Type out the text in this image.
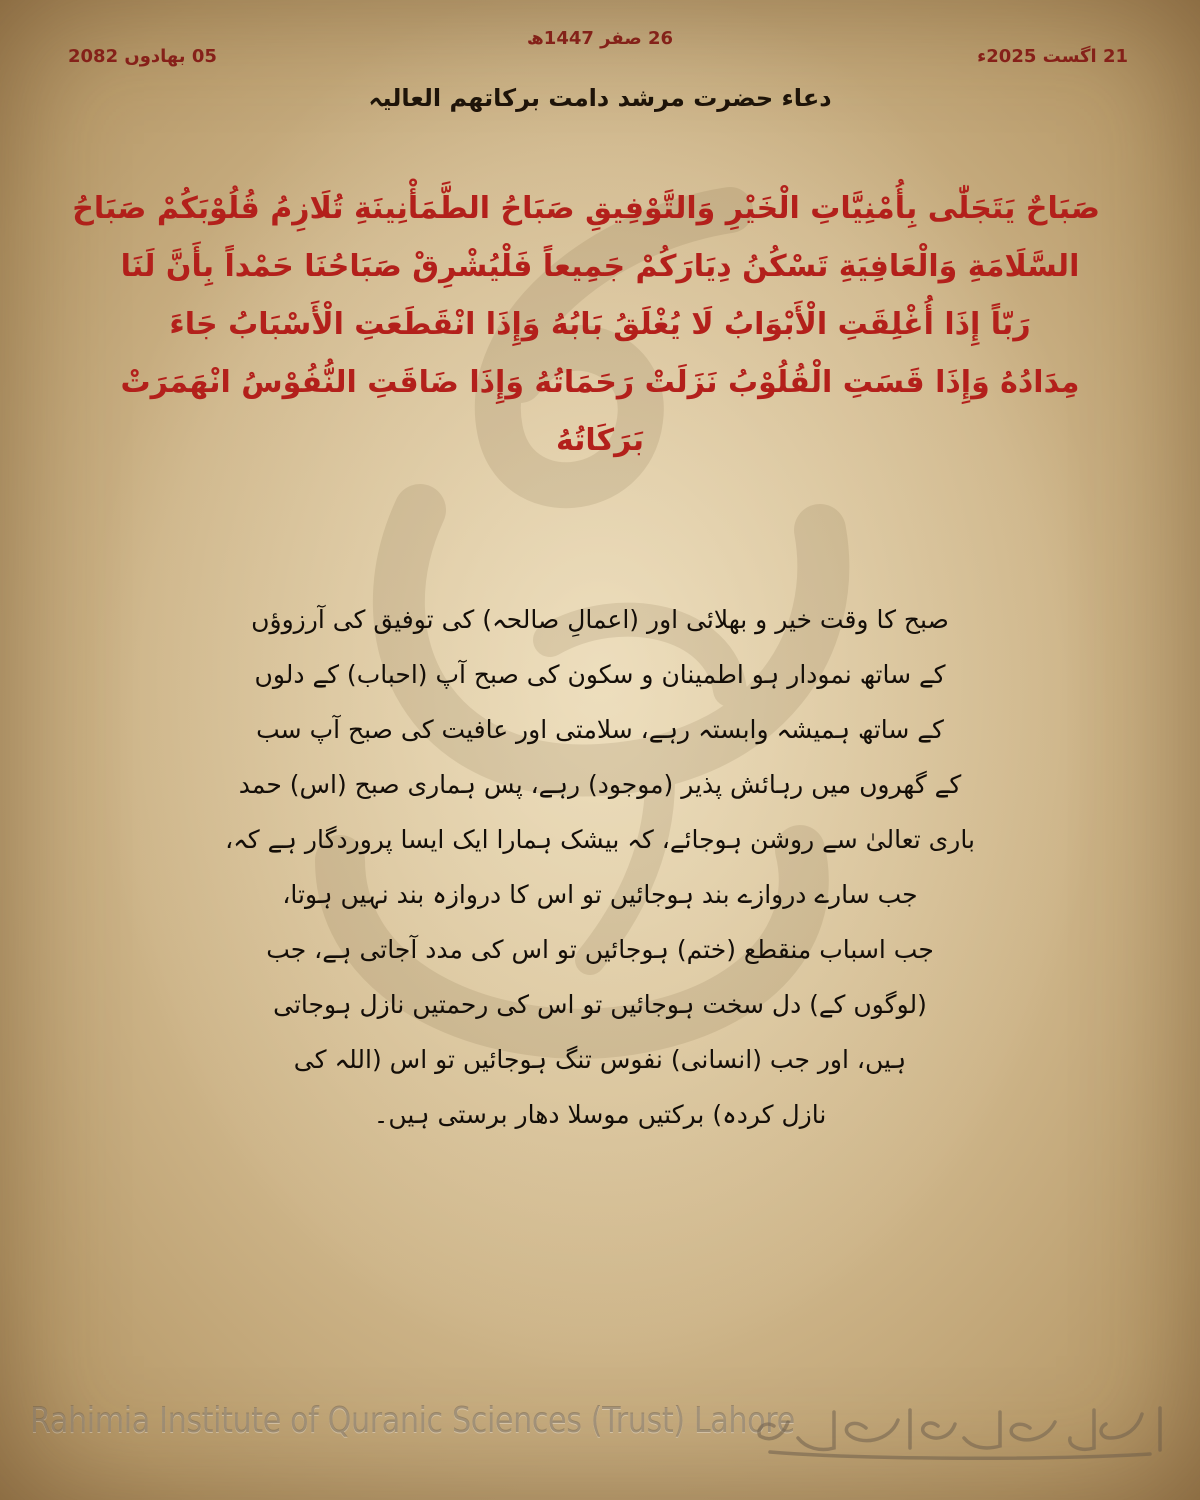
05 بھادوں 2082
26 صفر 1447ھ
21 اگست 2025ء
دعاء حضرت مرشد دامت برکاتھم العالیہ
صَبَاحٌ يَتَجَلّٰى بِأُمْنِيَّاتِ الْخَيْرِ وَالتَّوْفِيقِ صَبَاحُ الطَّمَأْنِينَةِ تُلَازِمُ قُلُوْبَكُمْ صَبَاحُ
السَّلَامَةِ وَالْعَافِيَةِ تَسْكُنُ دِيَارَكُمْ جَمِيعاً فَلْيُشْرِقْ صَبَاحُنَا حَمْداً بِأَنَّ لَنَا
رَبّاً إِذَا أُغْلِقَتِ الْأَبْوَابُ لَا يُغْلَقُ بَابُهُ وَإِذَا انْقَطَعَتِ الْأَسْبَابُ جَاءَ
مِدَادُهُ وَإِذَا قَسَتِ الْقُلُوْبُ نَزَلَتْ رَحَمَاتُهُ وَإِذَا ضَاقَتِ النُّفُوْسُ انْهَمَرَتْ
بَرَكَاتُهُ
صبح کا وقت خیر و بھلائی اور (اعمالِ صالحہ) کی توفیق کی آرزوؤں
کے ساتھ نمودار ہو اطمینان و سکون کی صبح آپ (احباب) کے دلوں
کے ساتھ ہمیشہ وابستہ رہے، سلامتی اور عافیت کی صبح آپ سب
کے گھروں میں رہائش پذیر (موجود) رہے، پس ہماری صبح (اس) حمد
باری تعالیٰ سے روشن ہوجائے، کہ بیشک ہمارا ایک ایسا پروردگار ہے کہ،
جب سارے دروازے بند ہوجائیں تو اس کا دروازہ بند نہیں ہوتا،
جب اسباب منقطع (ختم) ہوجائیں تو اس کی مدد آجاتی ہے، جب
(لوگوں کے) دل سخت ہوجائیں تو اس کی رحمتیں نازل ہوجاتی
ہیں، اور جب (انسانی) نفوس تنگ ہوجائیں تو اس (اللہ کی
نازل کردہ) برکتیں موسلا دھار برستی ہیں۔
Rahimia Institute of Quranic Sciences (Trust) Lahore
